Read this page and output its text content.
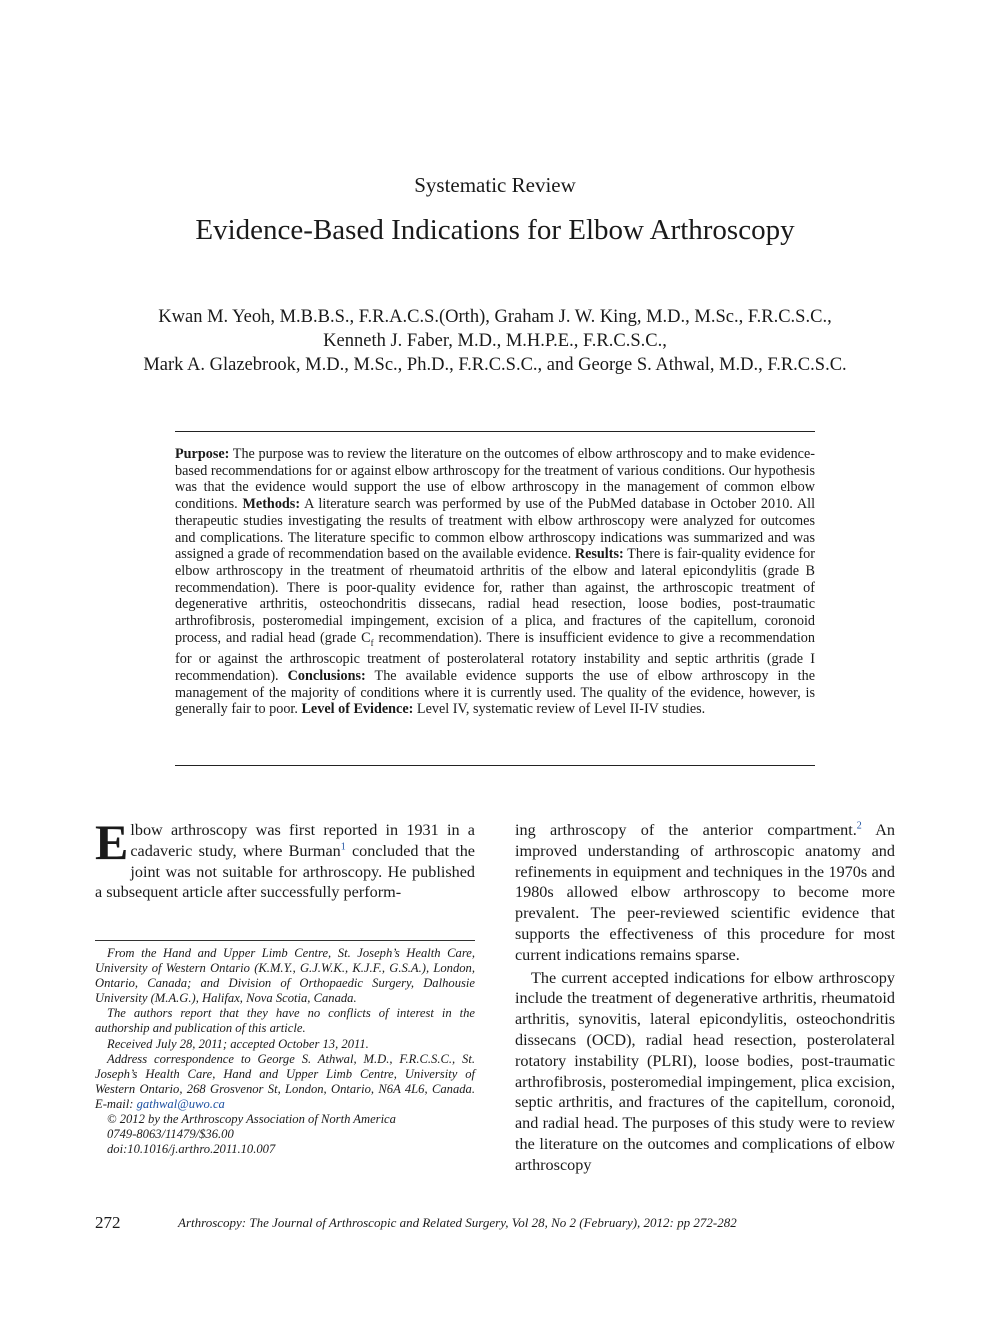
Systematic Review
Evidence-Based Indications for Elbow Arthroscopy
Kwan M. Yeoh, M.B.B.S., F.R.A.C.S.(Orth), Graham J. W. King, M.D., M.Sc., F.R.C.S.C.,
Kenneth J. Faber, M.D., M.H.P.E., F.R.C.S.C.,
Mark A. Glazebrook, M.D., M.Sc., Ph.D., F.R.C.S.C., and George S. Athwal, M.D., F.R.C.S.C.
Purpose: The purpose was to review the literature on the outcomes of elbow arthroscopy and to make evidence-based recommendations for or against elbow arthroscopy for the treatment of various conditions. Our hypothesis was that the evidence would support the use of elbow arthroscopy in the management of common elbow conditions. Methods: A literature search was performed by use of the PubMed database in October 2010. All therapeutic studies investigating the results of treatment with elbow arthroscopy were analyzed for outcomes and complications. The literature specific to common elbow arthroscopy indications was summarized and was assigned a grade of recommendation based on the available evidence. Results: There is fair-quality evidence for elbow arthroscopy in the treatment of rheumatoid arthritis of the elbow and lateral epicondylitis (grade B recommendation). There is poor-quality evidence for, rather than against, the arthroscopic treatment of degenerative arthritis, osteochondritis dissecans, radial head resection, loose bodies, post-traumatic arthrofibrosis, posteromedial impingement, excision of a plica, and fractures of the capitellum, coronoid process, and radial head (grade $C_f$ recommendation). There is insufficient evidence to give a recommendation for or against the arthroscopic treatment of posterolateral rotatory instability and septic arthritis (grade I recommendation). Conclusions: The available evidence supports the use of elbow arthroscopy in the management of the majority of conditions where it is currently used. The quality of the evidence, however, is generally fair to poor. Level of Evidence: Level IV, systematic review of Level II-IV studies.

Elbow arthroscopy was first reported in 1931 in a cadaveric study, where Burman$^1$ concluded that the joint was not suitable for arthroscopy. He published a subsequent article after successfully perform-

From the Hand and Upper Limb Centre, St. Joseph’s Health Care, University of Western Ontario (K.M.Y., G.J.W.K., K.J.F., G.S.A.), London, Ontario, Canada; and Division of Orthopaedic Surgery, Dalhousie University (M.A.G.), Halifax, Nova Scotia, Canada.

The authors report that they have no conflicts of interest in the authorship and publication of this article.

Received July 28, 2011; accepted October 13, 2011.

Address correspondence to George S. Athwal, M.D., F.R.C.S.C., St. Joseph’s Health Care, Hand and Upper Limb Centre, University of Western Ontario, 268 Grosvenor St, London, Ontario, N6A 4L6, Canada. E-mail: gathwal@uwo.ca

© 2012 by the Arthroscopy Association of North America

0749-8063/11479/$36.00

doi:10.1016/j.arthro.2011.10.007

ing arthroscopy of the anterior compartment.$^2$ An improved understanding of arthroscopic anatomy and refinements in equipment and techniques in the 1970s and 1980s allowed elbow arthroscopy to become more prevalent. The peer-reviewed scientific evidence that supports the effectiveness of this procedure for most current indications remains sparse.

The current accepted indications for elbow arthroscopy include the treatment of degenerative arthritis, rheumatoid arthritis, synovitis, lateral epicondylitis, osteochondritis dissecans (OCD), radial head resection, posterolateral rotatory instability (PLRI), loose bodies, post-traumatic arthrofibrosis, posteromedial impingement, plica excision, septic arthritis, and fractures of the capitellum, coronoid, and radial head. The purposes of this study were to review the literature on the outcomes and complications of elbow arthroscopy

272	Arthroscopy: The Journal of Arthroscopic and Related Surgery, Vol 28, No 2 (February), 2012: pp 272-282
